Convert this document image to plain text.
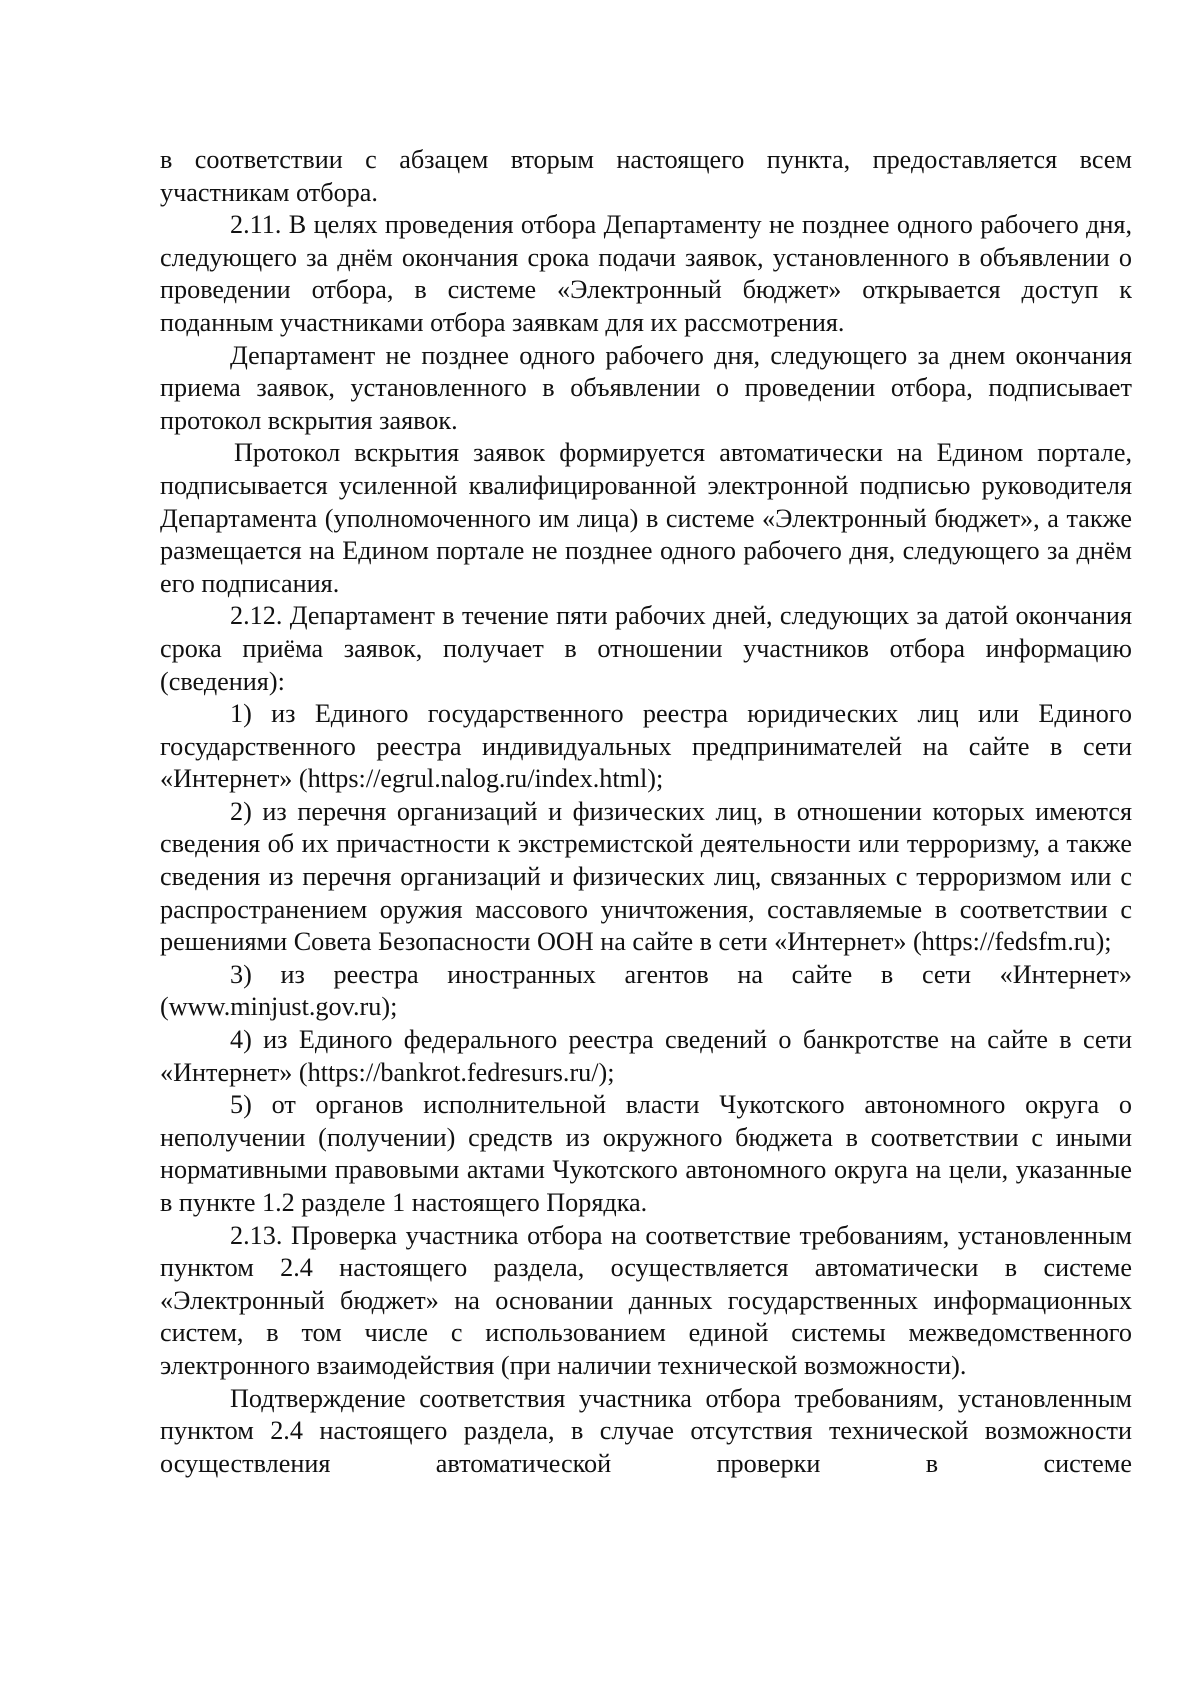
в соответствии с абзацем вторым настоящего пункта, предоставляется всем участникам отбора.

2.11. В целях проведения отбора Департаменту не позднее одного рабочего дня, следующего за днём окончания срока подачи заявок, установленного в объявлении о проведении отбора, в системе «Электронный бюджет» открывается доступ к поданным участниками отбора заявкам для их рассмотрения.

Департамент не позднее одного рабочего дня, следующего за днем окончания приема заявок, установленного в объявлении о проведении отбора, подписывает протокол вскрытия заявок.

Протокол вскрытия заявок формируется автоматически на Едином портале, подписывается усиленной квалифицированной электронной подписью руководителя Департамента (уполномоченного им лица) в системе «Электронный бюджет», а также размещается на Едином портале не позднее одного рабочего дня, следующего за днём его подписания.

2.12. Департамент в течение пяти рабочих дней, следующих за датой окончания срока приёма заявок, получает в отношении участников отбора информацию (сведения):

1) из Единого государственного реестра юридических лиц или Единого государственного реестра индивидуальных предпринимателей на сайте в сети «Интернет» (https://egrul.nalog.ru/index.html);

2) из перечня организаций и физических лиц, в отношении которых имеются сведения об их причастности к экстремистской деятельности или терроризму, а также сведения из перечня организаций и физических лиц, связанных с терроризмом или с распространением оружия массового уничтожения, составляемые в соответствии с решениями Совета Безопасности ООН на сайте в сети «Интернет» (https://fedsfm.ru);

3) из реестра иностранных агентов на сайте в сети «Интернет» (www.minjust.gov.ru);

4) из Единого федерального реестра сведений о банкротстве на сайте в сети «Интернет» (https://bankrot.fedresurs.ru/);

5) от органов исполнительной власти Чукотского автономного округа о неполучении (получении) средств из окружного бюджета в соответствии с иными нормативными правовыми актами Чукотского автономного округа на цели, указанные в пункте 1.2 разделе 1 настоящего Порядка.

2.13. Проверка участника отбора на соответствие требованиям, установленным пунктом 2.4 настоящего раздела, осуществляется автоматически в системе «Электронный бюджет» на основании данных государственных информационных систем, в том числе с использованием единой системы межведомственного электронного взаимодействия (при наличии технической возможности).

Подтверждение соответствия участника отбора требованиям, установленным пунктом 2.4 настоящего раздела, в случае отсутствия технической возможности осуществления автоматической проверки в системе
